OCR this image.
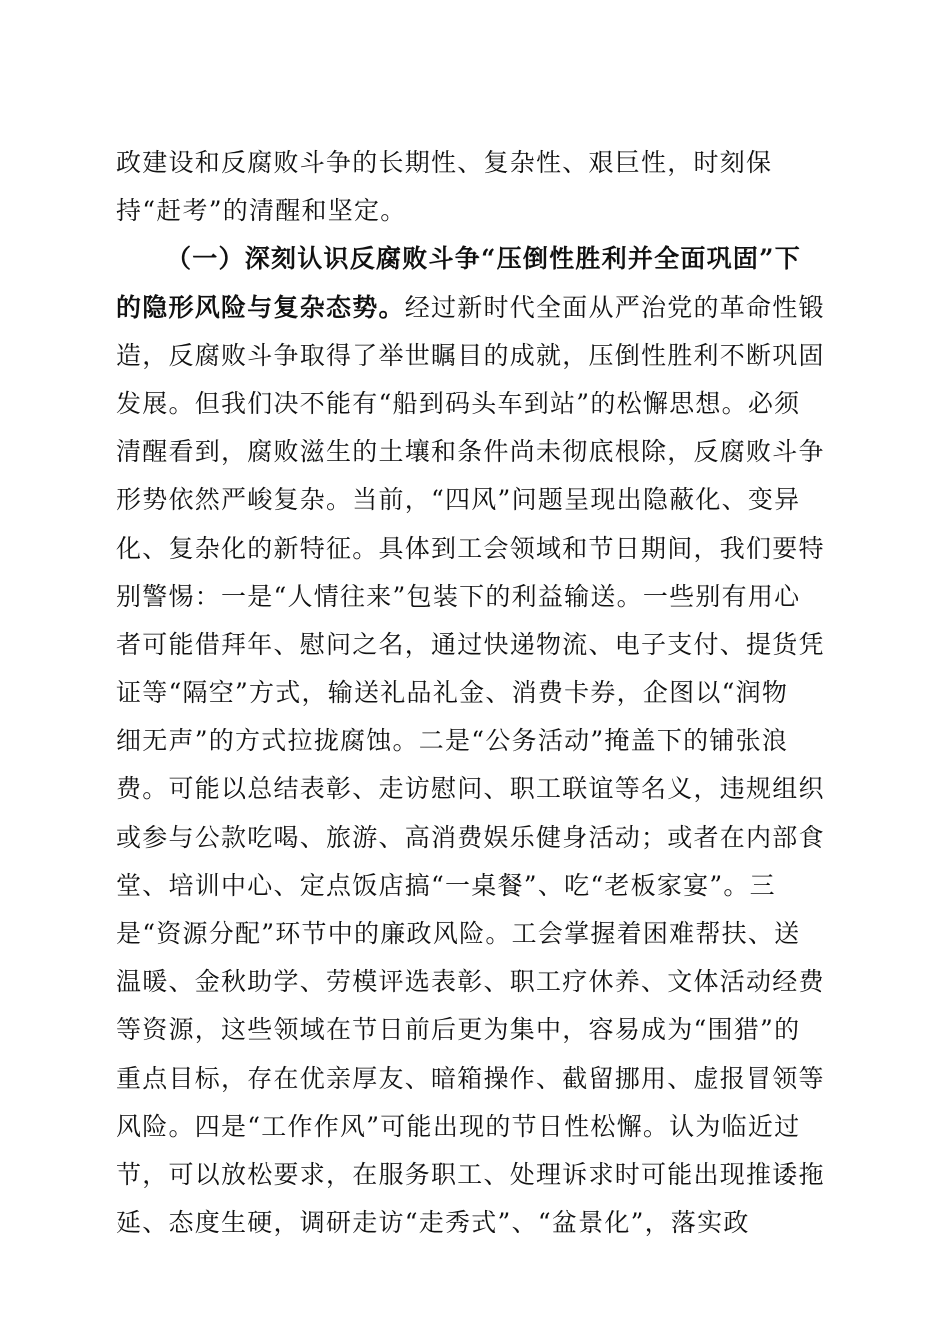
政建设和反腐败斗争的长期性、复杂性、艰巨性，时刻保
持“赶考”的清醒和坚定。
（一）深刻认识反腐败斗争“压倒性胜利并全面巩固”下
的隐形风险与复杂态势。经过新时代全面从严治党的革命性锻
造，反腐败斗争取得了举世瞩目的成就，压倒性胜利不断巩固
发展。但我们决不能有“船到码头车到站”的松懈思想。必须
清醒看到，腐败滋生的土壤和条件尚未彻底根除，反腐败斗争
形势依然严峻复杂。当前，“四风”问题呈现出隐蔽化、变异
化、复杂化的新特征。具体到工会领域和节日期间，我们要特
别警惕：一是“人情往来”包装下的利益输送。一些别有用心
者可能借拜年、慰问之名，通过快递物流、电子支付、提货凭
证等“隔空”方式，输送礼品礼金、消费卡券，企图以“润物
细无声”的方式拉拢腐蚀。二是“公务活动”掩盖下的铺张浪
费。可能以总结表彰、走访慰问、职工联谊等名义，违规组织
或参与公款吃喝、旅游、高消费娱乐健身活动；或者在内部食
堂、培训中心、定点饭店搞“一桌餐”、吃“老板家宴”。三
是“资源分配”环节中的廉政风险。工会掌握着困难帮扶、送
温暖、金秋助学、劳模评选表彰、职工疗休养、文体活动经费
等资源，这些领域在节日前后更为集中，容易成为“围猎”的
重点目标，存在优亲厚友、暗箱操作、截留挪用、虚报冒领等
风险。四是“工作作风”可能出现的节日性松懈。认为临近过
节，可以放松要求，在服务职工、处理诉求时可能出现推诿拖
延、态度生硬，调研走访“走秀式”、“盆景化”，落实政
